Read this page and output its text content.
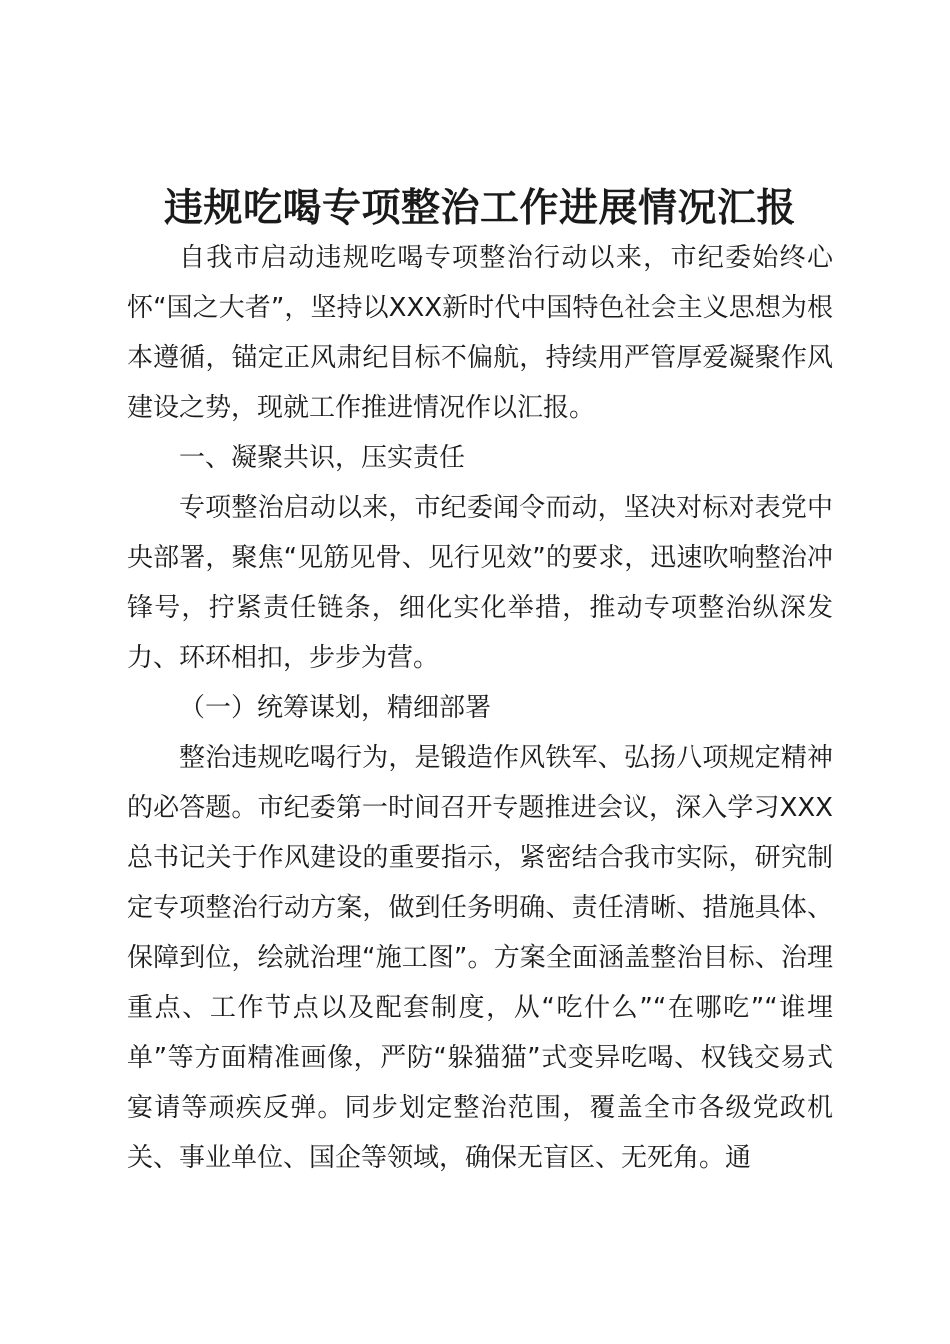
违规吃喝专项整治工作进展情况汇报

自我市启动违规吃喝专项整治行动以来，市纪委始终心怀“国之大者”，坚持以XXX新时代中国特色社会主义思想为根本遵循，锚定正风肃纪目标不偏航，持续用严管厚爱凝聚作风建设之势，现就工作推进情况作以汇报。

一、凝聚共识，压实责任

专项整治启动以来，市纪委闻令而动，坚决对标对表党中央部署，聚焦“见筋见骨、见行见效”的要求，迅速吹响整治冲锋号，拧紧责任链条，细化实化举措，推动专项整治纵深发力、环环相扣，步步为营。

（一）统筹谋划，精细部署

整治违规吃喝行为，是锻造作风铁军、弘扬八项规定精神的必答题。市纪委第一时间召开专题推进会议，深入学习XXX总书记关于作风建设的重要指示，紧密结合我市实际，研究制定专项整治行动方案，做到任务明确、责任清晰、措施具体、保障到位，绘就治理“施工图”。方案全面涵盖整治目标、治理重点、工作节点以及配套制度，从“吃什么”“在哪吃”“谁埋单”等方面精准画像，严防“躲猫猫”式变异吃喝、权钱交易式宴请等顽疾反弹。同步划定整治范围，覆盖全市各级党政机关、事业单位、国企等领域，确保无盲区、无死角。通
